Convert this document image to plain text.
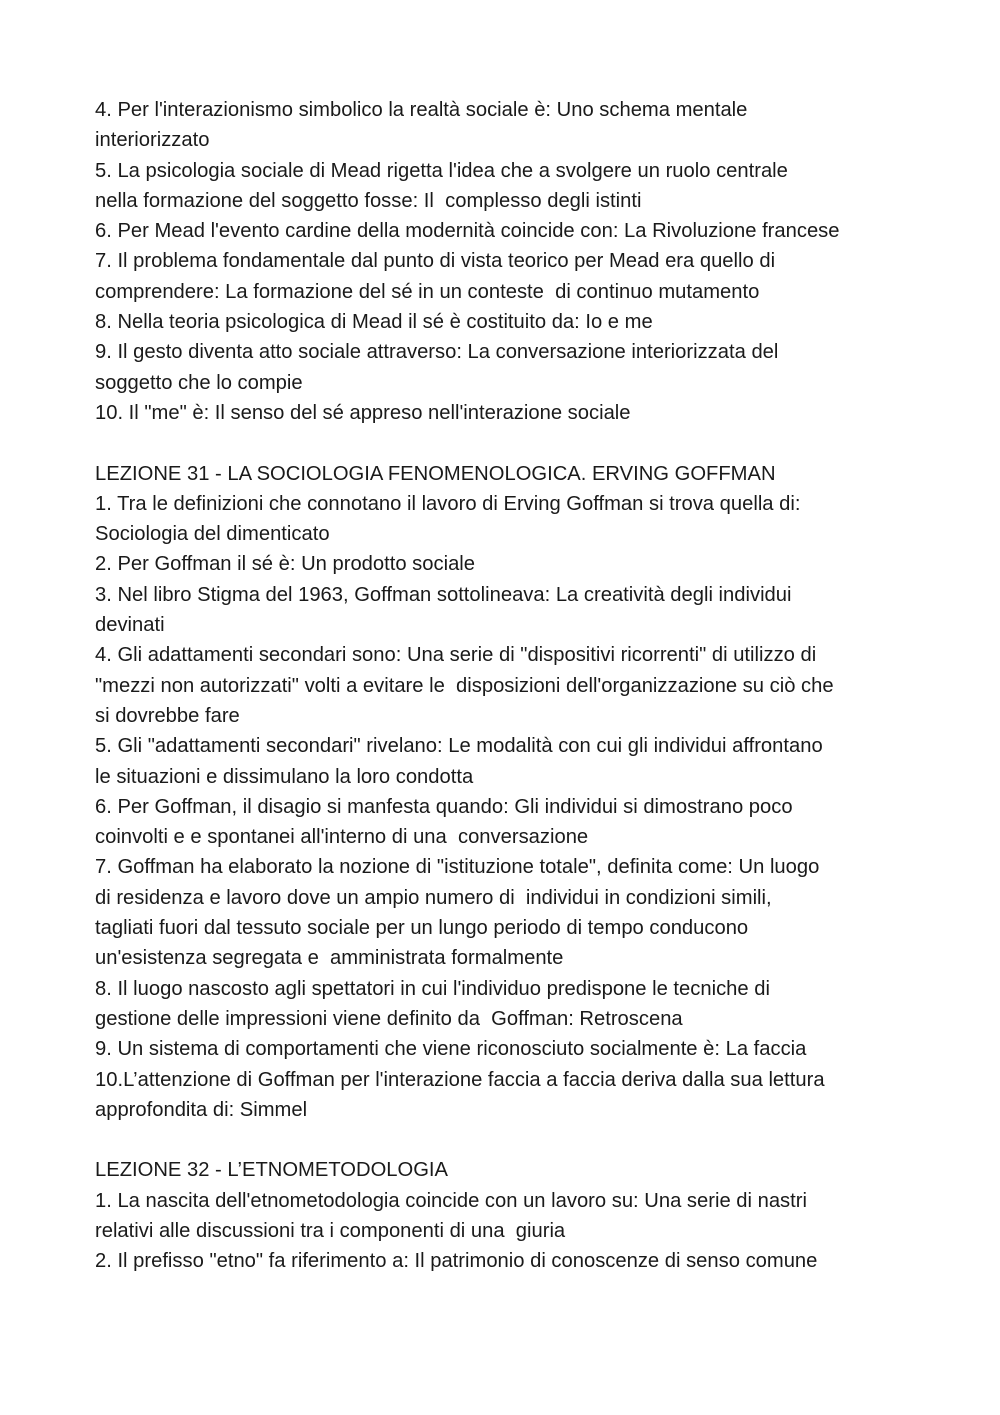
4. Per l'interazionismo simbolico la realtà sociale è: Uno schema mentale
interiorizzato
5. La psicologia sociale di Mead rigetta l'idea che a svolgere un ruolo centrale
nella formazione del soggetto fosse: Il  complesso degli istinti
6. Per Mead l'evento cardine della modernità coincide con: La Rivoluzione francese
7. Il problema fondamentale dal punto di vista teorico per Mead era quello di
comprendere: La formazione del sé in un conteste  di continuo mutamento
8. Nella teoria psicologica di Mead il sé è costituito da: Io e me
9. Il gesto diventa atto sociale attraverso: La conversazione interiorizzata del
soggetto che lo compie
10. Il "me" è: Il senso del sé appreso nell'interazione sociale
LEZIONE 31 - LA SOCIOLOGIA FENOMENOLOGICA. ERVING GOFFMAN
1. Tra le definizioni che connotano il lavoro di Erving Goffman si trova quella di:
Sociologia del dimenticato
2. Per Goffman il sé è: Un prodotto sociale
3. Nel libro Stigma del 1963, Goffman sottolineava: La creatività degli individui
devinati
4. Gli adattamenti secondari sono: Una serie di "dispositivi ricorrenti" di utilizzo di
"mezzi non autorizzati" volti a evitare le  disposizioni dell'organizzazione su ciò che
si dovrebbe fare
5. Gli "adattamenti secondari" rivelano: Le modalità con cui gli individui affrontano
le situazioni e dissimulano la loro condotta
6. Per Goffman, il disagio si manfesta quando: Gli individui si dimostrano poco
coinvolti e e spontanei all'interno di una  conversazione
7. Goffman ha elaborato la nozione di "istituzione totale", definita come: Un luogo
di residenza e lavoro dove un ampio numero di  individui in condizioni simili,
tagliati fuori dal tessuto sociale per un lungo periodo di tempo conducono
un'esistenza segregata e  amministrata formalmente
8. Il luogo nascosto agli spettatori in cui l'individuo predispone le tecniche di
gestione delle impressioni viene definito da  Goffman: Retroscena
9. Un sistema di comportamenti che viene riconosciuto socialmente è: La faccia
10.L’attenzione di Goffman per l'interazione faccia a faccia deriva dalla sua lettura
approfondita di: Simmel
LEZIONE 32 - L’ETNOMETODOLOGIA
1. La nascita dell'etnometodologia coincide con un lavoro su: Una serie di nastri
relativi alle discussioni tra i componenti di una  giuria
2. Il prefisso "etno" fa riferimento a: Il patrimonio di conoscenze di senso comune
